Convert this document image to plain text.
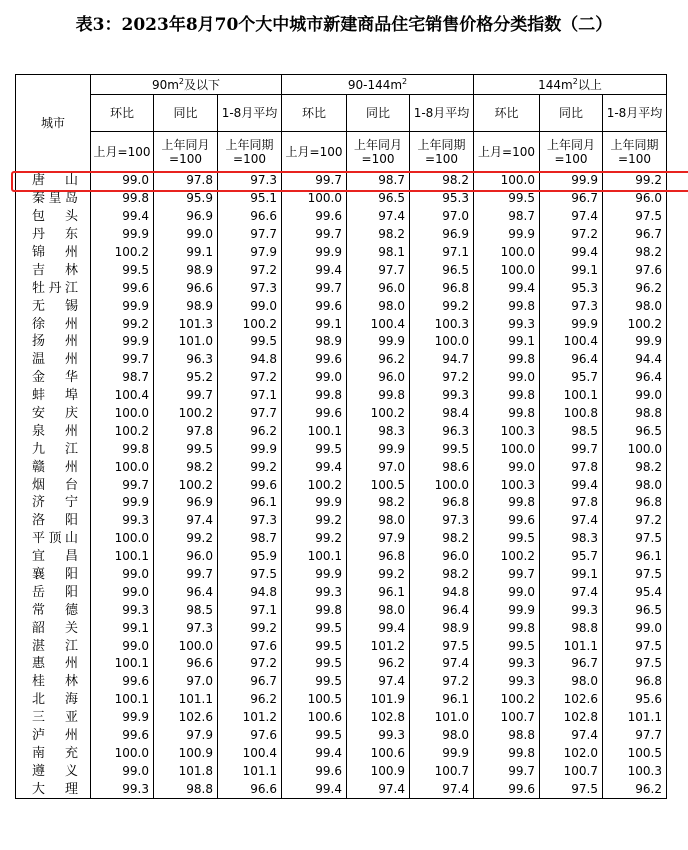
表3：2023年8月70个大中城市新建商品住宅销售价格分类指数（二）
城市	$90m^2$及以下			$90-144m^2$			$144m^2$以上		
	环比	同比	1-8月平均	环比	同比	1-8月平均	环比	同比	1-8月平均
	上月=100	上年同月=100	上年同期=100	上月=100	上年同月=100	上年同期=100	上月=100	上年同月=100	上年同期=100
唐山	99.0	97.8	97.3	99.7	98.7	98.2	100.0	99.9	99.2
秦皇岛	99.8	95.9	95.1	100.0	96.5	95.3	99.5	96.7	96.0
包头	99.4	96.9	96.6	99.6	97.4	97.0	98.7	97.4	97.5
丹东	99.9	99.0	97.7	99.7	98.2	96.9	99.9	97.2	96.7
锦州	100.2	99.1	97.9	99.9	98.1	97.1	100.0	99.4	98.2
吉林	99.5	98.9	97.2	99.4	97.7	96.5	100.0	99.1	97.6
牡丹江	99.6	96.6	97.3	99.7	96.0	96.8	99.4	95.3	96.2
无锡	99.9	98.9	99.0	99.6	98.0	99.2	99.8	97.3	98.0
徐州	99.2	101.3	100.2	99.1	100.4	100.3	99.3	99.9	100.2
扬州	99.9	101.0	99.5	98.9	99.9	100.0	99.1	100.4	99.9
温州	99.7	96.3	94.8	99.6	96.2	94.7	99.8	96.4	94.4
金华	98.7	95.2	97.2	99.0	96.0	97.2	99.0	95.7	96.4
蚌埠	100.4	99.7	97.1	99.8	99.8	99.3	99.8	100.1	99.0
安庆	100.0	100.2	97.7	99.6	100.2	98.4	99.8	100.8	98.8
泉州	100.2	97.8	96.2	100.1	98.3	96.3	100.3	98.5	96.5
九江	99.8	99.5	99.9	99.5	99.9	99.5	100.0	99.7	100.0
赣州	100.0	98.2	99.2	99.4	97.0	98.6	99.0	97.8	98.2
烟台	99.7	100.2	99.6	100.2	100.5	100.0	100.3	99.4	98.0
济宁	99.9	96.9	96.1	99.9	98.2	96.8	99.8	97.8	96.8
洛阳	99.3	97.4	97.3	99.2	98.0	97.3	99.6	97.4	97.2
平顶山	100.0	99.2	98.7	99.2	97.9	98.2	99.5	98.3	97.5
宜昌	100.1	96.0	95.9	100.1	96.8	96.0	100.2	95.7	96.1
襄阳	99.0	99.7	97.5	99.9	99.2	98.2	99.7	99.1	97.5
岳阳	99.0	96.4	94.8	99.3	96.1	94.8	99.0	97.4	95.4
常德	99.3	98.5	97.1	99.8	98.0	96.4	99.9	99.3	96.5
韶关	99.1	97.3	99.2	99.5	99.4	98.9	99.8	98.8	99.0
湛江	99.0	100.0	97.6	99.5	101.2	97.5	99.5	101.1	97.5
惠州	100.1	96.6	97.2	99.5	96.2	97.4	99.3	96.7	97.5
桂林	99.6	97.0	96.7	99.5	97.4	97.2	99.3	98.0	96.8
北海	100.1	101.1	96.2	100.5	101.9	96.1	100.2	102.6	95.6
三亚	99.9	102.6	101.2	100.6	102.8	101.0	100.7	102.8	101.1
泸州	99.6	97.9	97.6	99.5	99.3	98.0	98.8	97.4	97.7
南充	100.0	100.9	100.4	99.4	100.6	99.9	99.8	102.0	100.5
遵义	99.0	101.8	101.1	99.6	100.9	100.7	99.7	100.7	100.3
大理	99.3	98.8	96.6	99.4	97.4	97.4	99.6	97.5	96.2
